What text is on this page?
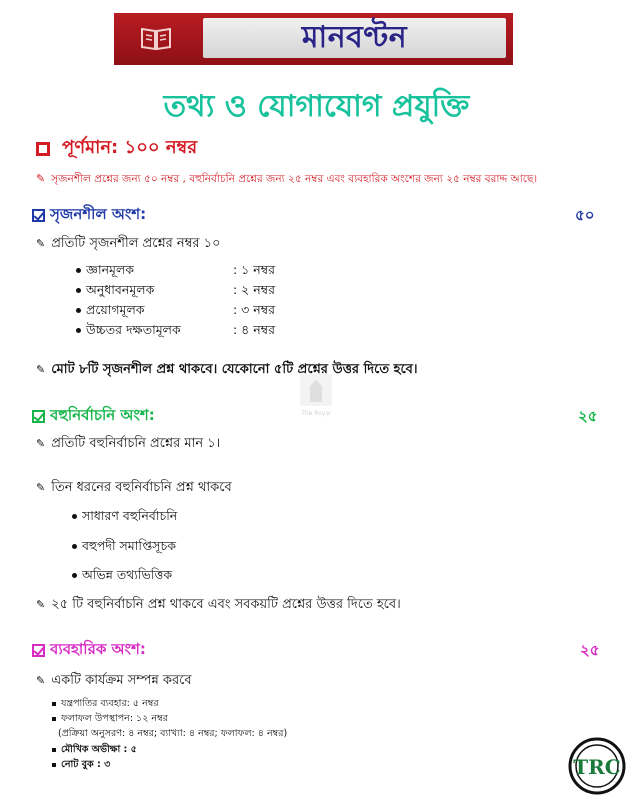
মানবণ্টন
তথ্য ও যোগাযোগ প্রযুক্তি
পূর্ণমান: ১০০ নম্বর
✎ সৃজনশীল প্রশ্নের জন্য ৫০ নম্বর , বহুনির্বাচনি প্রশ্নের জন্য ২৫ নম্বর এবং ব্যবহারিক অংশের জন্য ২৫ নম্বর বরাদ্দ আছে।
সৃজনশীল অংশ:	৫০
✎ প্রতিটি সৃজনশীল প্রশ্নের নম্বর ১০
জ্ঞানমূলক	: ১ নম্বর
অনুধাবনমূলক	: ২ নম্বর
প্রয়োগমূলক	: ৩ নম্বর
উচ্চতর দক্ষতামূলক	: ৪ নম্বর
✎ মোট ৮টি সৃজনশীল প্রশ্ন থাকবে। যেকোনো ৫টি প্রশ্নের উত্তর দিতে হবে।
The Royal
বহুনির্বাচনি অংশ:	২৫
✎ প্রতিটি বহুনির্বাচনি প্রশ্নের মান ১।
✎ তিন ধরনের বহুনির্বাচনি প্রশ্ন থাকবে
সাধারণ বহুনির্বাচনি
বহুপদী সমাপ্তিসূচক
অভিন্ন তথ্যভিত্তিক
✎ ২৫ টি বহুনির্বাচনি প্রশ্ন থাকবে এবং সবকয়টি প্রশ্নের উত্তর দিতে হবে।
ব্যবহারিক অংশ:	২৫
✎ একটি কার্যক্রম সম্পন্ন করবে
যন্ত্রপাতির ব্যবহার: ৫ নম্বর
ফলাফল উপস্থাপন: ১২ নম্বর
(প্রক্রিয়া অনুসরণ: ৪ নম্বর; ব্যাখ্যা: ৪ নম্বর; ফলাফল: ৪ নম্বর)
মৌখিক অভীক্ষা : ৫
নোট বুক : ৩	TRC
